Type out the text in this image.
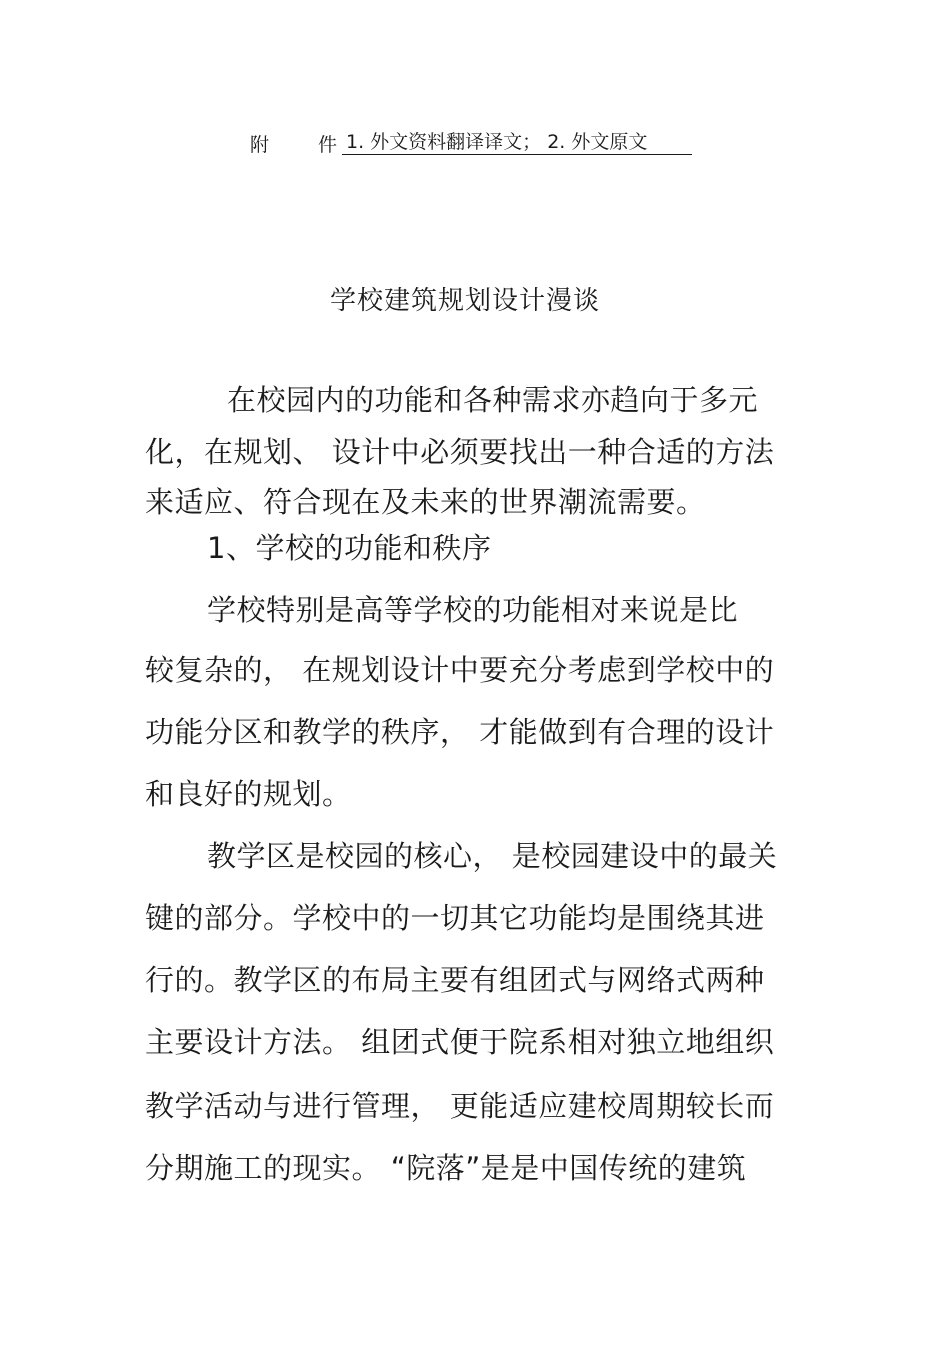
附	件 1. 外文资料翻译译文； 2. 外文原文
学校建筑规划设计漫谈
在校园内的功能和各种需求亦趋向于多元
化，在规划、 设计中必须要找出一种合适的方法
来适应、符合现在及未来的世界潮流需要。
1、学校的功能和秩序
学校特别是高等学校的功能相对来说是比
较复杂的， 在规划设计中要充分考虑到学校中的
功能分区和教学的秩序， 才能做到有合理的设计
和良好的规划。
教学区是校园的核心， 是校园建设中的最关
键的部分。学校中的一切其它功能均是围绕其进
行的。教学区的布局主要有组团式与网络式两种
主要设计方法。 组团式便于院系相对独立地组织
教学活动与进行管理， 更能适应建校周期较长而
分期施工的现实。 “院落”是是中国传统的建筑
